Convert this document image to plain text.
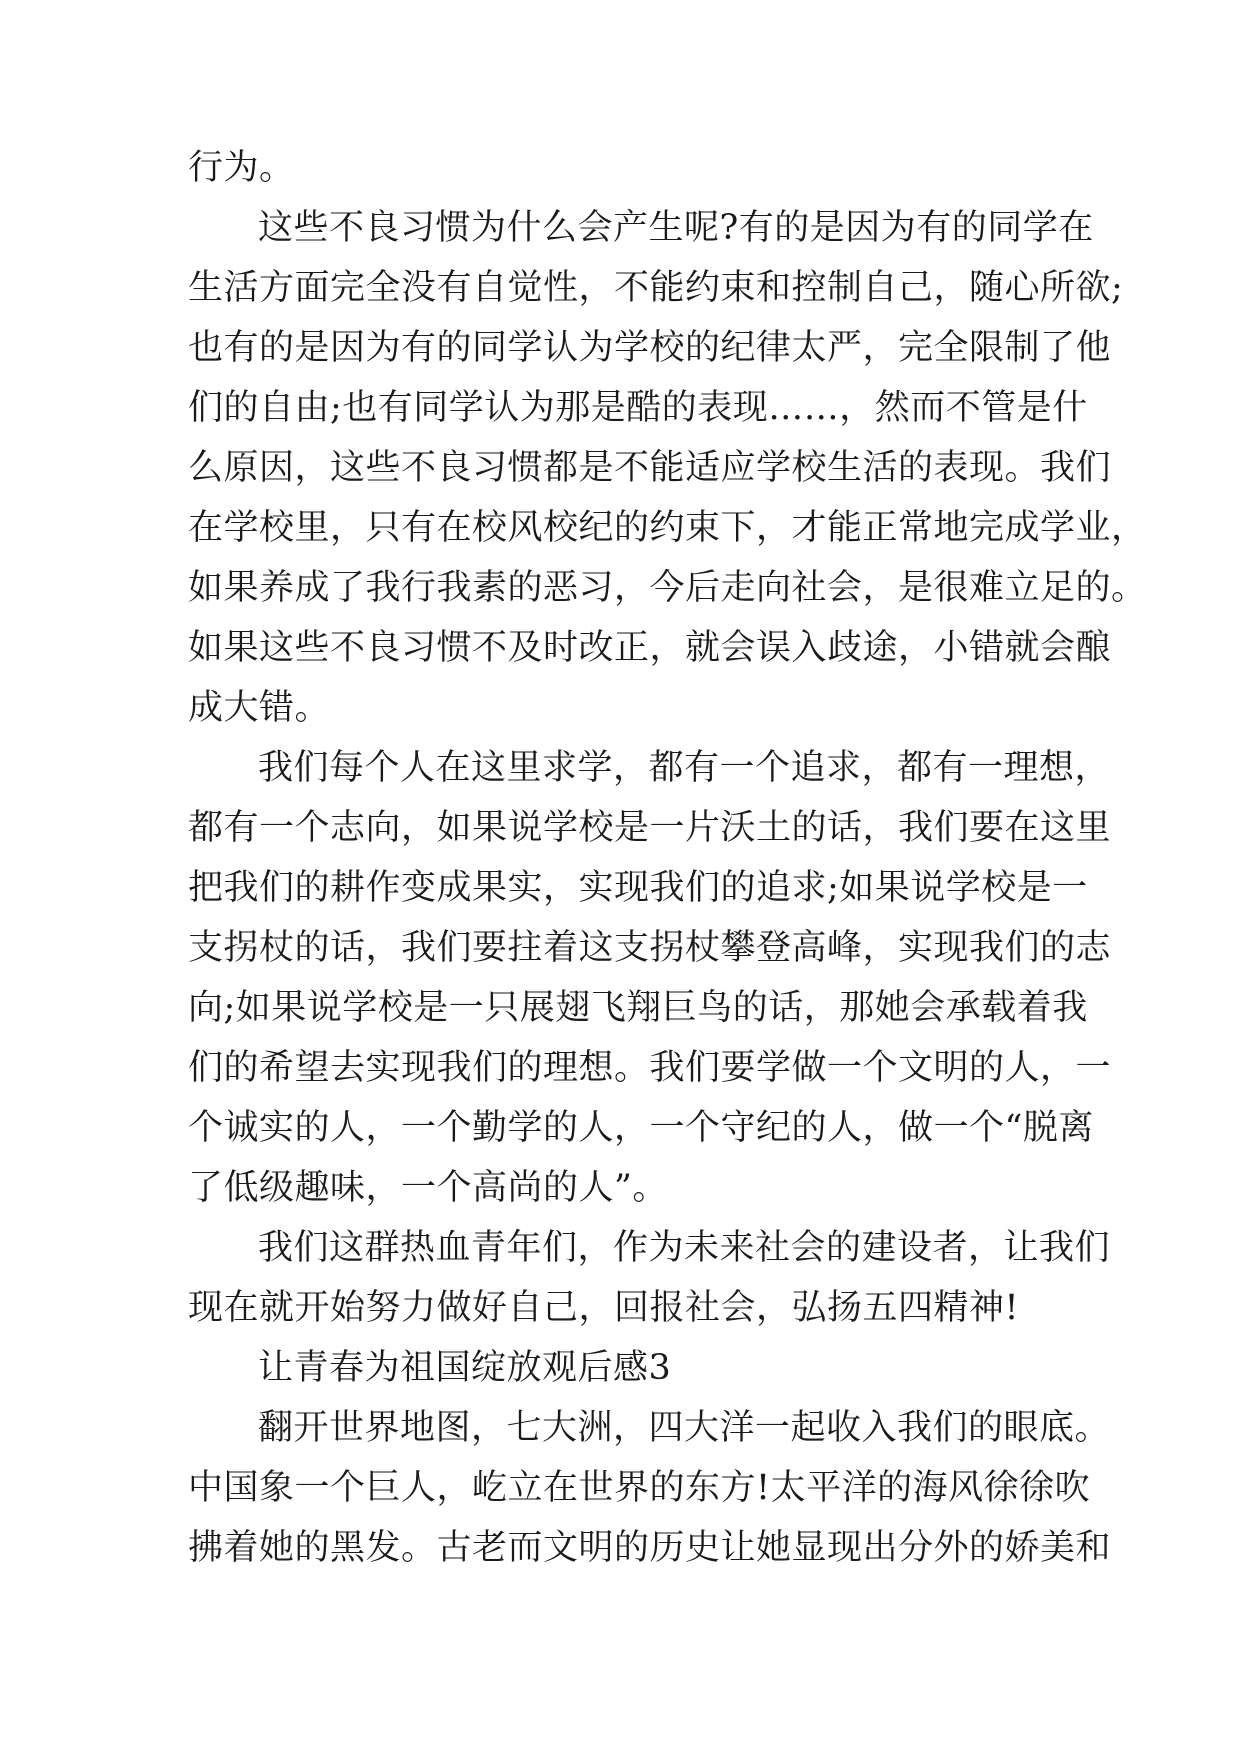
行为。
这些不良习惯为什么会产生呢?有的是因为有的同学在
生活方面完全没有自觉性，不能约束和控制自己，随心所欲;
也有的是因为有的同学认为学校的纪律太严，完全限制了他
们的自由;也有同学认为那是酷的表现……，然而不管是什
么原因，这些不良习惯都是不能适应学校生活的表现。我们
在学校里，只有在校风校纪的约束下，才能正常地完成学业，
如果养成了我行我素的恶习，今后走向社会，是很难立足的。
如果这些不良习惯不及时改正，就会误入歧途，小错就会酿
成大错。
我们每个人在这里求学，都有一个追求，都有一理想，
都有一个志向，如果说学校是一片沃土的话，我们要在这里
把我们的耕作变成果实，实现我们的追求;如果说学校是一
支拐杖的话，我们要拄着这支拐杖攀登高峰，实现我们的志
向;如果说学校是一只展翅飞翔巨鸟的话，那她会承载着我
们的希望去实现我们的理想。我们要学做一个文明的人，一
个诚实的人，一个勤学的人，一个守纪的人，做一个“脱离
了低级趣味，一个高尚的人”。
我们这群热血青年们，作为未来社会的建设者，让我们
现在就开始努力做好自己，回报社会，弘扬五四精神!
让青春为祖国绽放观后感3
翻开世界地图，七大洲，四大洋一起收入我们的眼底。
中国象一个巨人，屹立在世界的东方!太平洋的海风徐徐吹
拂着她的黑发。古老而文明的历史让她显现出分外的娇美和
